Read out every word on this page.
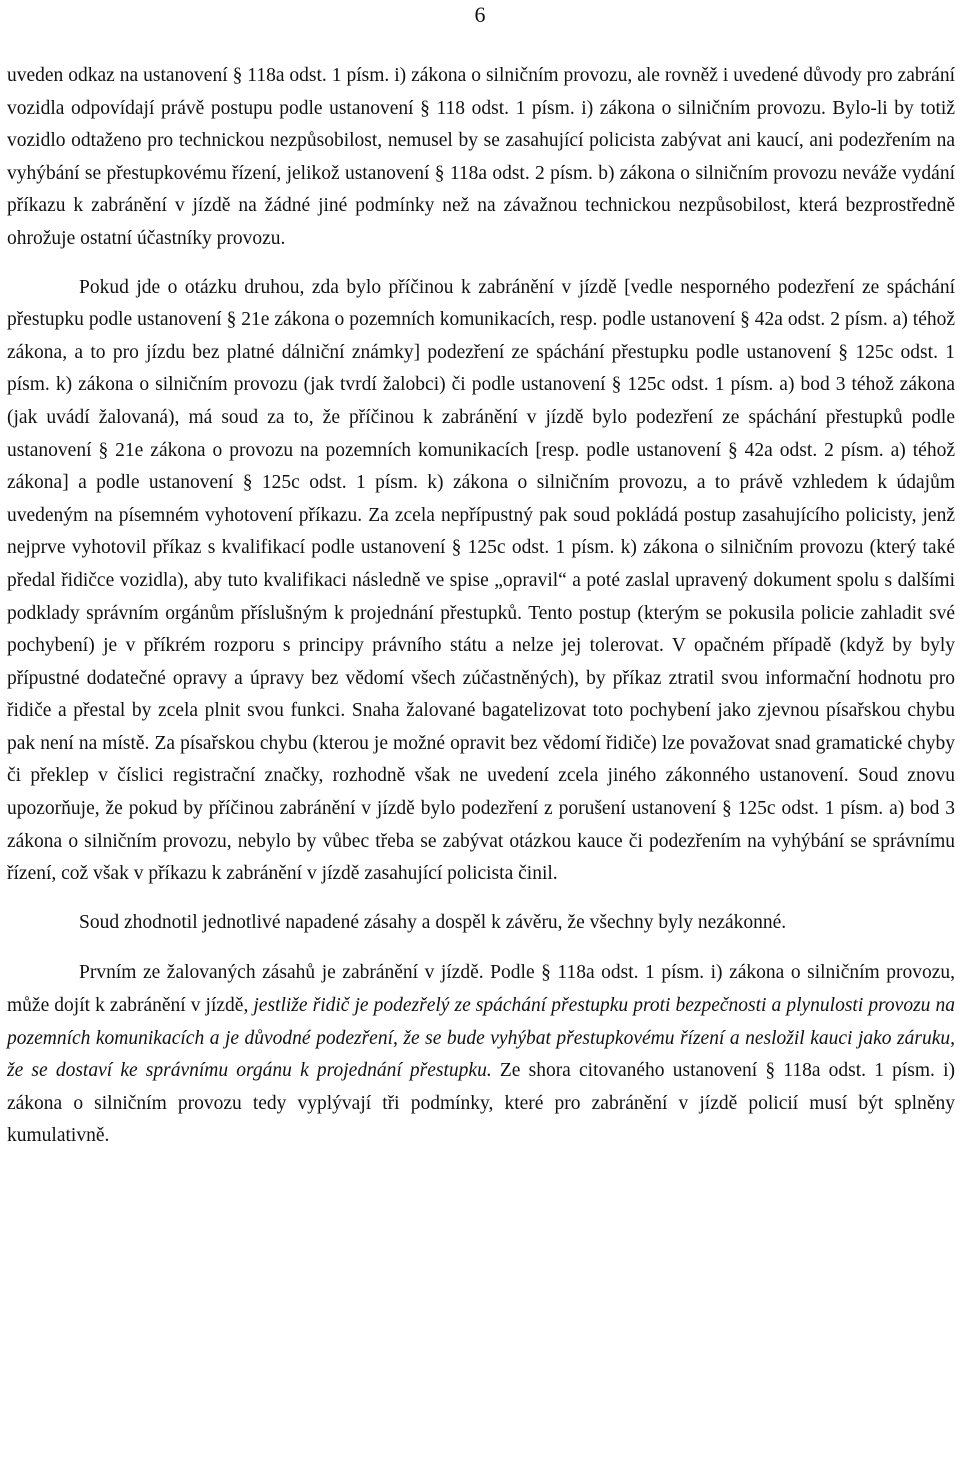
6

uveden odkaz na ustanovení § 118a odst. 1 písm. i) zákona o silničním provozu, ale rovněž i uvedené důvody pro zabrání vozidla odpovídají právě postupu podle ustanovení § 118 odst. 1 písm. i) zákona o silničním provozu. Bylo-li by totiž vozidlo odtaženo pro technickou nezpůsobilost, nemusel by se zasahující policista zabývat ani kaucí, ani podezřením na vyhýbání se přestupkovému řízení, jelikož ustanovení § 118a odst. 2 písm. b) zákona o silničním provozu neváže vydání příkazu k zabránění v jízdě na žádné jiné podmínky než na závažnou technickou nezpůsobilost, která bezprostředně ohrožuje ostatní účastníky provozu.

Pokud jde o otázku druhou, zda bylo příčinou k zabránění v jízdě [vedle nesporného podezření ze spáchání přestupku podle ustanovení § 21e zákona o pozemních komunikacích, resp. podle ustanovení § 42a odst. 2 písm. a) téhož zákona, a to pro jízdu bez platné dálniční známky] podezření ze spáchání přestupku podle ustanovení § 125c odst. 1 písm. k) zákona o silničním provozu (jak tvrdí žalobci) či podle ustanovení § 125c odst. 1 písm. a) bod 3 téhož zákona (jak uvádí žalovaná), má soud za to, že příčinou k zabránění v jízdě bylo podezření ze spáchání přestupků podle ustanovení § 21e zákona o provozu na pozemních komunikacích [resp. podle ustanovení § 42a odst. 2 písm. a) téhož zákona] a podle ustanovení § 125c odst. 1 písm. k) zákona o silničním provozu, a to právě vzhledem k údajům uvedeným na písemném vyhotovení příkazu. Za zcela nepřípustný pak soud pokládá postup zasahujícího policisty, jenž nejprve vyhotovil příkaz s kvalifikací podle ustanovení § 125c odst. 1 písm. k) zákona o silničním provozu (který také předal řidičce vozidla), aby tuto kvalifikaci následně ve spise „opravil“ a poté zaslal upravený dokument spolu s dalšími podklady správním orgánům příslušným k projednání přestupků. Tento postup (kterým se pokusila policie zahladit své pochybení) je v příkrém rozporu s principy právního státu a nelze jej tolerovat. V opačném případě (když by byly přípustné dodatečné opravy a úpravy bez vědomí všech zúčastněných), by příkaz ztratil svou informační hodnotu pro řidiče a přestal by zcela plnit svou funkci. Snaha žalované bagatelizovat toto pochybení jako zjevnou písařskou chybu pak není na místě. Za písařskou chybu (kterou je možné opravit bez vědomí řidiče) lze považovat snad gramatické chyby či překlep v číslici registrační značky, rozhodně však ne uvedení zcela jiného zákonného ustanovení. Soud znovu upozorňuje, že pokud by příčinou zabránění v jízdě bylo podezření z porušení ustanovení § 125c odst. 1 písm. a) bod 3 zákona o silničním provozu, nebylo by vůbec třeba se zabývat otázkou kauce či podezřením na vyhýbání se správnímu řízení, což však v příkazu k zabránění v jízdě zasahující policista činil.

Soud zhodnotil jednotlivé napadené zásahy a dospěl k závěru, že všechny byly nezákonné.

Prvním ze žalovaných zásahů je zabránění v jízdě. Podle § 118a odst. 1 písm. i) zákona o silničním provozu, může dojít k zabránění v jízdě, jestliže řidič je podezřelý ze spáchání přestupku proti bezpečnosti a plynulosti provozu na pozemních komunikacích a je důvodné podezření, že se bude vyhýbat přestupkovému řízení a nesložil kauci jako záruku, že se dostaví ke správnímu orgánu k projednání přestupku. Ze shora citovaného ustanovení § 118a odst. 1 písm. i) zákona o silničním provozu tedy vyplývají tři podmínky, které pro zabránění v jízdě policií musí být splněny kumulativně.
